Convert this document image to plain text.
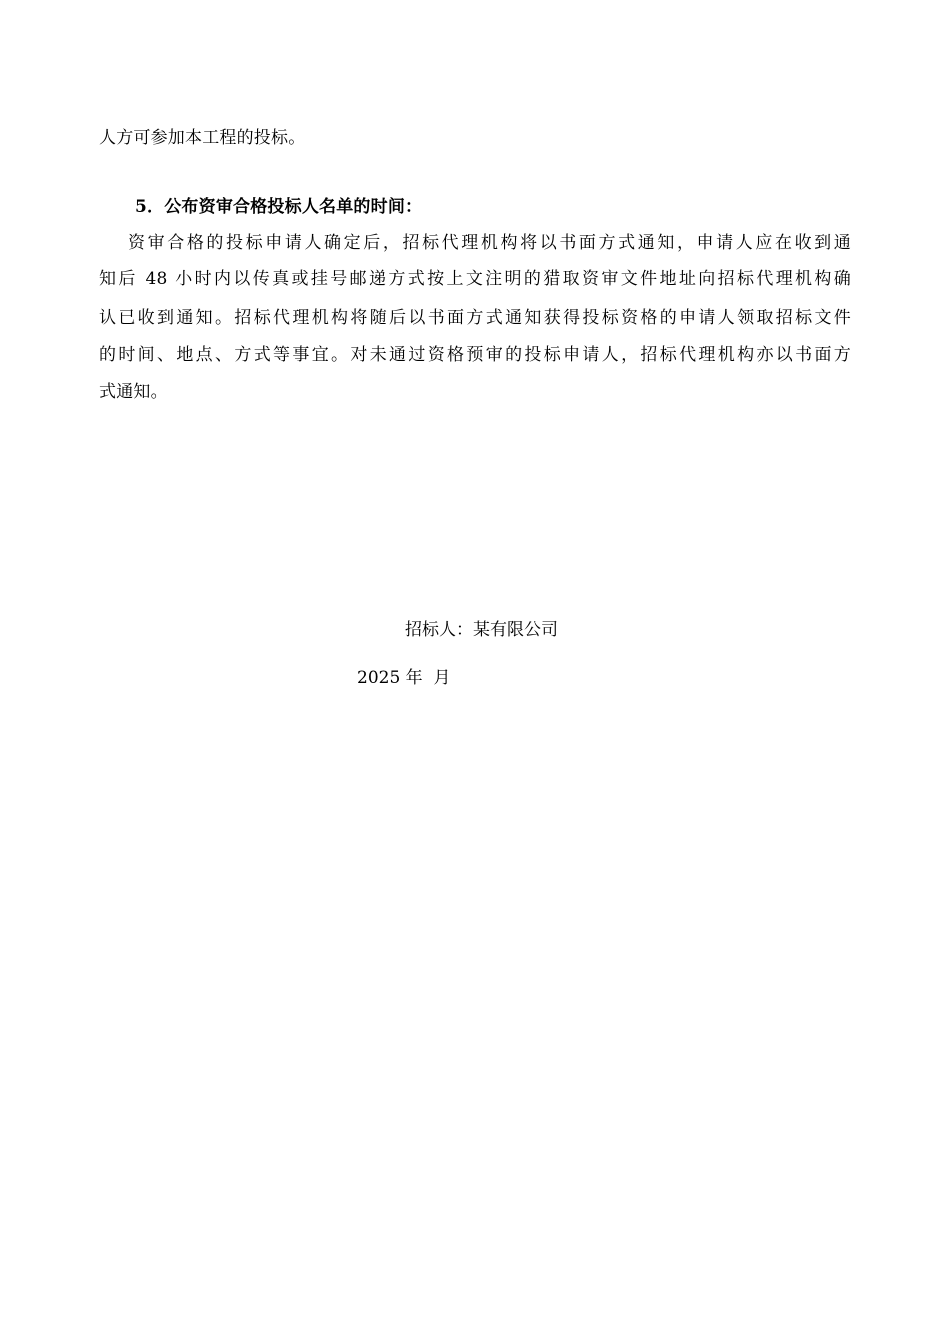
人方可参加本工程的投标。
5．公布资审合格投标人名单的时间：
资审合格的投标申请人确定后，招标代理机构将以书面方式通知，申请人应在收到通
知后 48 小时内以传真或挂号邮递方式按上文注明的猎取资审文件地址向招标代理机构确
认已收到通知。招标代理机构将随后以书面方式通知获得投标资格的申请人领取招标文件
的时间、地点、方式等事宜。对未通过资格预审的投标申请人，招标代理机构亦以书面方
式通知。
招标人：某有限公司
2025 年  月
